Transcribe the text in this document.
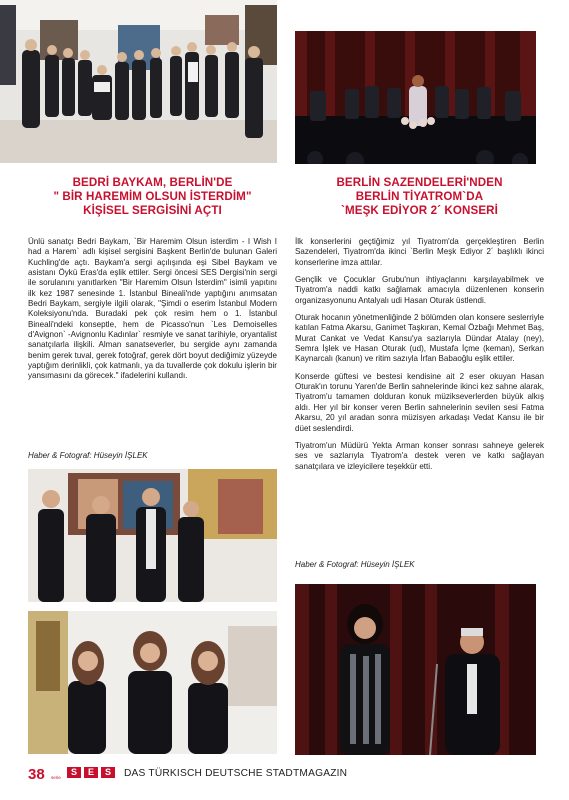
BEDRİ BAYKAM, BERLİN'DE
" BİR HAREMİM OLSUN İSTERDİM"
KİŞİSEL SERGİSİNİ AÇTI

Ünlü sanatçı Bedri Baykam, `Bir Haremim Olsun isterdim - I Wish I had a Harem` adlı kişisel sergisini Başkent Berlin'de bulunan Galeri Kuchling'de açtı. Baykam'a sergi açılışında eşi Sibel Baykam ve asistanı Öykü Eras'da eşlik ettiler. Sergi öncesi SES Dergisi'nin sergi ile sorulanını yanıtlarken "Bir Haremim Olsun İsterdim" isimli yapıtını ilk kez 1987 senesinde 1. İstanbul Bineali'nde yaptığını anımsatan Bedri Baykam, sergiyle ilgili olarak, "Şimdi o eserim İstanbul Modern Koleksiyonu'nda. Buradaki pek çok resim hem o 1. İstanbul Bineali'ndeki konseptle, hem de Picasso'nun `Les Demoiselles d'Avignon` -Avignonlu Kadınlar` resmiyle ve sanat tarihiyle, oryantalist sanatçılarla ilişkili. Alman sanatseverler, bu sergide aynı zamanda benim gerek tuval, gerek fotoğraf, gerek dört boyut dediğimiz yüzeyde yaptığım derinlikli, çok katmanlı, ya da tuvallerde çok dokulu işlerin bir yansımasını da görecek." ifadelerini kullandı.

Haber & Fotograf: Hüseyin İŞLEK
BERLİN SAZENDELERİ'NDEN
BERLİN TİYATROM`DA
`MEŞK EDİYOR 2´ KONSERİ

İlk konserlerini geçtiğimiz yıl Tiyatrom'da gerçekleştiren Berlin Sazendeleri, Tiyatrom'da ikinci `Berlin Meşk Ediyor 2´ başlıklı ikinci konserlerine imza attılar.

Gençlik ve Çocuklar Grubu'nun ihtiyaçlarını karşılayabilmek ve Tiyatrom'a naddi katkı sağlamak amacıyla düzenlenen konserin organizasyonunu Antalyalı udi Hasan Oturak üstlendi.

Oturak hocanın yönetmenliğinde 2 bölümden olan konsere seslerriyle katılan Fatma Akarsu, Ganimet Taşkıran, Kemal Özbağı Mehmet Baş, Murat Cankat ve Vedat Kansu'ya sazlarıyla Dündar Atalay (ney), Semra İşlek ve Hasan Oturak (ud), Mustafa İçme (keman), Serkan Kaynarcalı (kanun) ve ritim sazıyla İrfan Babaoğlu eşlik ettiler.

Konserde güftesi ve bestesi kendisine ait 2 eser okuyan Hasan Oturak'ın torunu Yaren'de Berlin sahnelerinde ikinci kez sahne alarak, Tiyatrom'u tamamen dolduran konuk müzikseverlerden büyük alkış aldı. Her yıl bir konser veren Berlin sahnelerinin sevilen sesi Fatma Akarsu, 20 yıl aradan sonra müzisyen arkadaşı Vedat Kansu ile bir düet seslendirdi.

Tiyatrom'un Müdürü Yekta Arman konser sonrası sahneye gelerek ses ve sazlarıyla Tiyatrom'a destek veren ve katkı sağlayan sanatçılara ve izleyicilere teşekkür etti.

Haber & Fotograf: Hüseyin İŞLEK
38 serie
S	E	S	DAS TÜRKISCH DEUTSCHE STADTMAGAZIN
